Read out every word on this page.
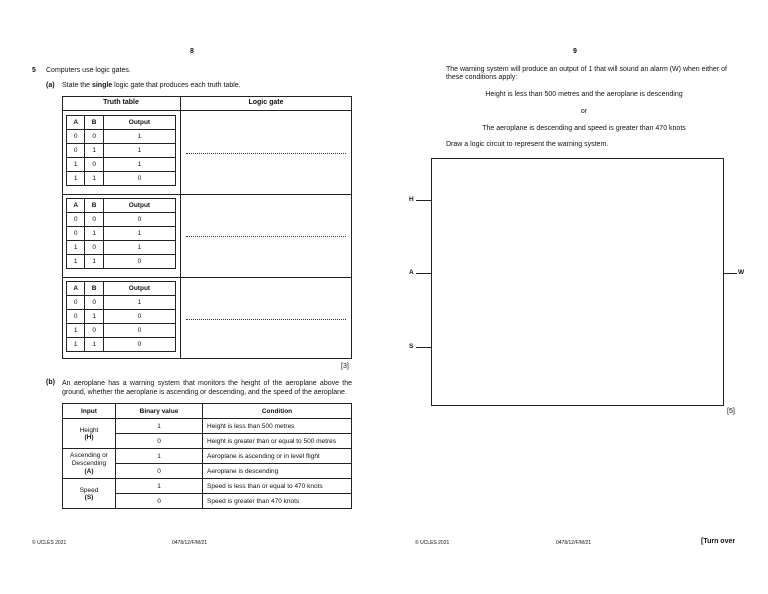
8
5 Computers use logic gates.
(a) State the single logic gate that produces each truth table.
Truth table	Logic gate
A	B	Output
0	0	1
0	1	1
1	0	1
1	1	0
A	B	Output
0	0	0
0	1	1
1	0	1
1	1	0
A	B	Output
0	0	1
0	1	0
1	0	0
1	1	0
[3]
(b) An aeroplane has a warning system that monitors the height of the aeroplane above the ground, whether the aeroplane is ascending or descending, and the speed of the aeroplane.
Input	Binary value	Condition

Height
(H)	1	Height is less than 500 metres
	0	Height is greater than or equal to 500 metres

Ascending or Descending
(A)	1	Aeroplane is ascending or in level flight
	0	Aeroplane is descending

Speed
(S)	1	Speed is less than or equal to 470 knots
	0	Speed is greater than 470 knots
© UCLES 2021	0478/12/F/M/21
9
The warning system will produce an output of 1 that will sound an alarm (W) when either of these conditions apply:
Height is less than 500 metres and the aeroplane is descending
or
The aeroplane is descending and speed is greater than 470 knots
Draw a logic circuit to represent the warning system.
H
A
S
W
[5]
© UCLES 2021	0478/12/F/M/21	[Turn over
